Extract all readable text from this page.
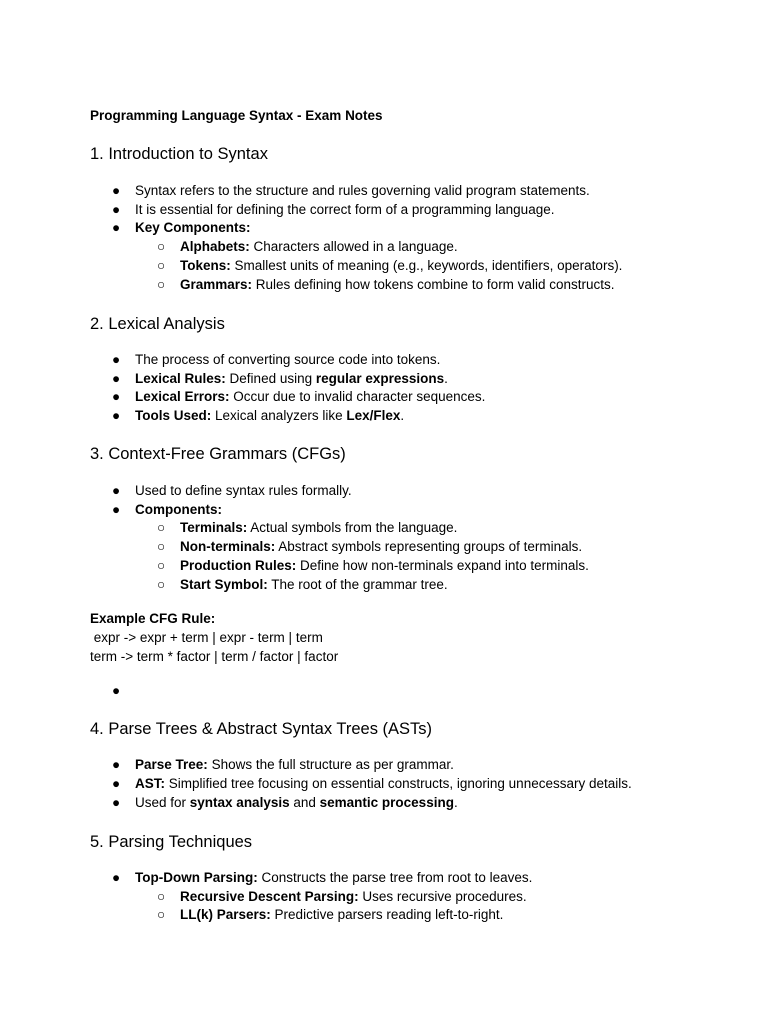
Programming Language Syntax - Exam Notes
1. Introduction to Syntax
● Syntax refers to the structure and rules governing valid program statements.
● It is essential for defining the correct form of a programming language.
● Key Components:
○ Alphabets: Characters allowed in a language.
○ Tokens: Smallest units of meaning (e.g., keywords, identifiers, operators).
○ Grammars: Rules defining how tokens combine to form valid constructs.
2. Lexical Analysis
● The process of converting source code into tokens.
● Lexical Rules: Defined using regular expressions.
● Lexical Errors: Occur due to invalid character sequences.
● Tools Used: Lexical analyzers like Lex/Flex.
3. Context-Free Grammars (CFGs)
● Used to define syntax rules formally.
● Components:
○ Terminals: Actual symbols from the language.
○ Non-terminals: Abstract symbols representing groups of terminals.
○ Production Rules: Define how non-terminals expand into terminals.
○ Start Symbol: The root of the grammar tree.
Example CFG Rule:
expr -> expr + term | expr - term | term
term -> term * factor | term / factor | factor
●
4. Parse Trees & Abstract Syntax Trees (ASTs)
● Parse Tree: Shows the full structure as per grammar.
● AST: Simplified tree focusing on essential constructs, ignoring unnecessary details.
● Used for syntax analysis and semantic processing.
5. Parsing Techniques
● Top-Down Parsing: Constructs the parse tree from root to leaves.
○ Recursive Descent Parsing: Uses recursive procedures.
○ LL(k) Parsers: Predictive parsers reading left-to-right.
